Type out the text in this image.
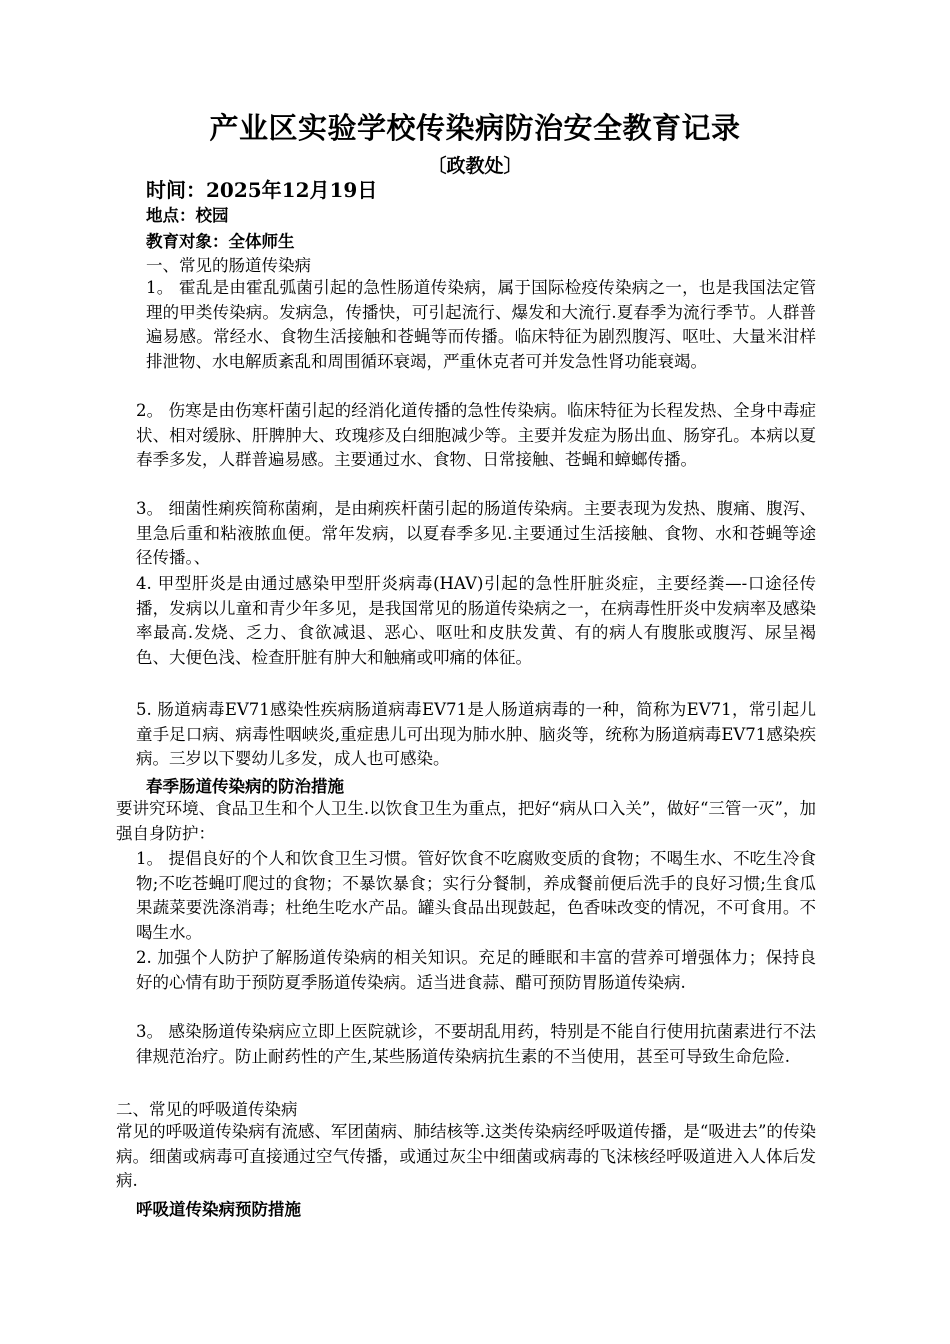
产业区实验学校传染病防治安全教育记录
〔政教处〕
时间：2025年12月19日
地点：校园
教育对象：全体师生
一、常见的肠道传染病

1。 霍乱是由霍乱弧菌引起的急性肠道传染病，属于国际检疫传染病之一，也是我国法定管理的甲类传染病。发病急，传播快，可引起流行、爆发和大流行.夏春季为流行季节。人群普遍易感。常经水、食物生活接触和苍蝇等而传播。临床特征为剧烈腹泻、呕吐、大量米泔样排泄物、水电解质紊乱和周围循环衰竭，严重休克者可并发急性肾功能衰竭。

2。 伤寒是由伤寒杆菌引起的经消化道传播的急性传染病。临床特征为长程发热、全身中毒症状、相对缓脉、肝脾肿大、玫瑰疹及白细胞减少等。主要并发症为肠出血、肠穿孔。本病以夏春季多发，人群普遍易感。主要通过水、食物、日常接触、苍蝇和蟑螂传播。

3。 细菌性痢疾简称菌痢，是由痢疾杆菌引起的肠道传染病。主要表现为发热、腹痛、腹泻、里急后重和粘液脓血便。常年发病，以夏春季多见.主要通过生活接触、食物、水和苍蝇等途径传播。、

4. 甲型肝炎是由通过感染甲型肝炎病毒(HAV)引起的急性肝脏炎症，主要经粪—-口途径传播，发病以儿童和青少年多见，是我国常见的肠道传染病之一，在病毒性肝炎中发病率及感染率最高.发烧、乏力、食欲减退、恶心、呕吐和皮肤发黄、有的病人有腹胀或腹泻、尿呈褐色、大便色浅、检查肝脏有肿大和触痛或叩痛的体征。

5. 肠道病毒EV71感染性疾病肠道病毒EV71是人肠道病毒的一种，简称为EV71，常引起儿童手足口病、病毒性咽峡炎,重症患儿可出现为肺水肿、脑炎等，统称为肠道病毒EV71感染疾病。三岁以下婴幼儿多发，成人也可感染。

春季肠道传染病的防治措施

要讲究环境、食品卫生和个人卫生.以饮食卫生为重点，把好“病从口入关”，做好“三管一灭”，加强自身防护：

1。 提倡良好的个人和饮食卫生习惯。管好饮食不吃腐败变质的食物；不喝生水、不吃生冷食物;不吃苍蝇叮爬过的食物；不暴饮暴食；实行分餐制，养成餐前便后洗手的良好习惯;生食瓜果蔬菜要洗涤消毒；杜绝生吃水产品。罐头食品出现鼓起，色香味改变的情况，不可食用。不喝生水。

2. 加强个人防护了解肠道传染病的相关知识。充足的睡眠和丰富的营养可增强体力；保持良好的心情有助于预防夏季肠道传染病。适当进食蒜、醋可预防胃肠道传染病.

3。 感染肠道传染病应立即上医院就诊，不要胡乱用药，特别是不能自行使用抗菌素进行不法律规范治疗。防止耐药性的产生,某些肠道传染病抗生素的不当使用，甚至可导致生命危险.

二、常见的呼吸道传染病

常见的呼吸道传染病有流感、军团菌病、肺结核等.这类传染病经呼吸道传播，是“吸进去”的传染病。细菌或病毒可直接通过空气传播，或通过灰尘中细菌或病毒的飞沫核经呼吸道进入人体后发病.

呼吸道传染病预防措施
